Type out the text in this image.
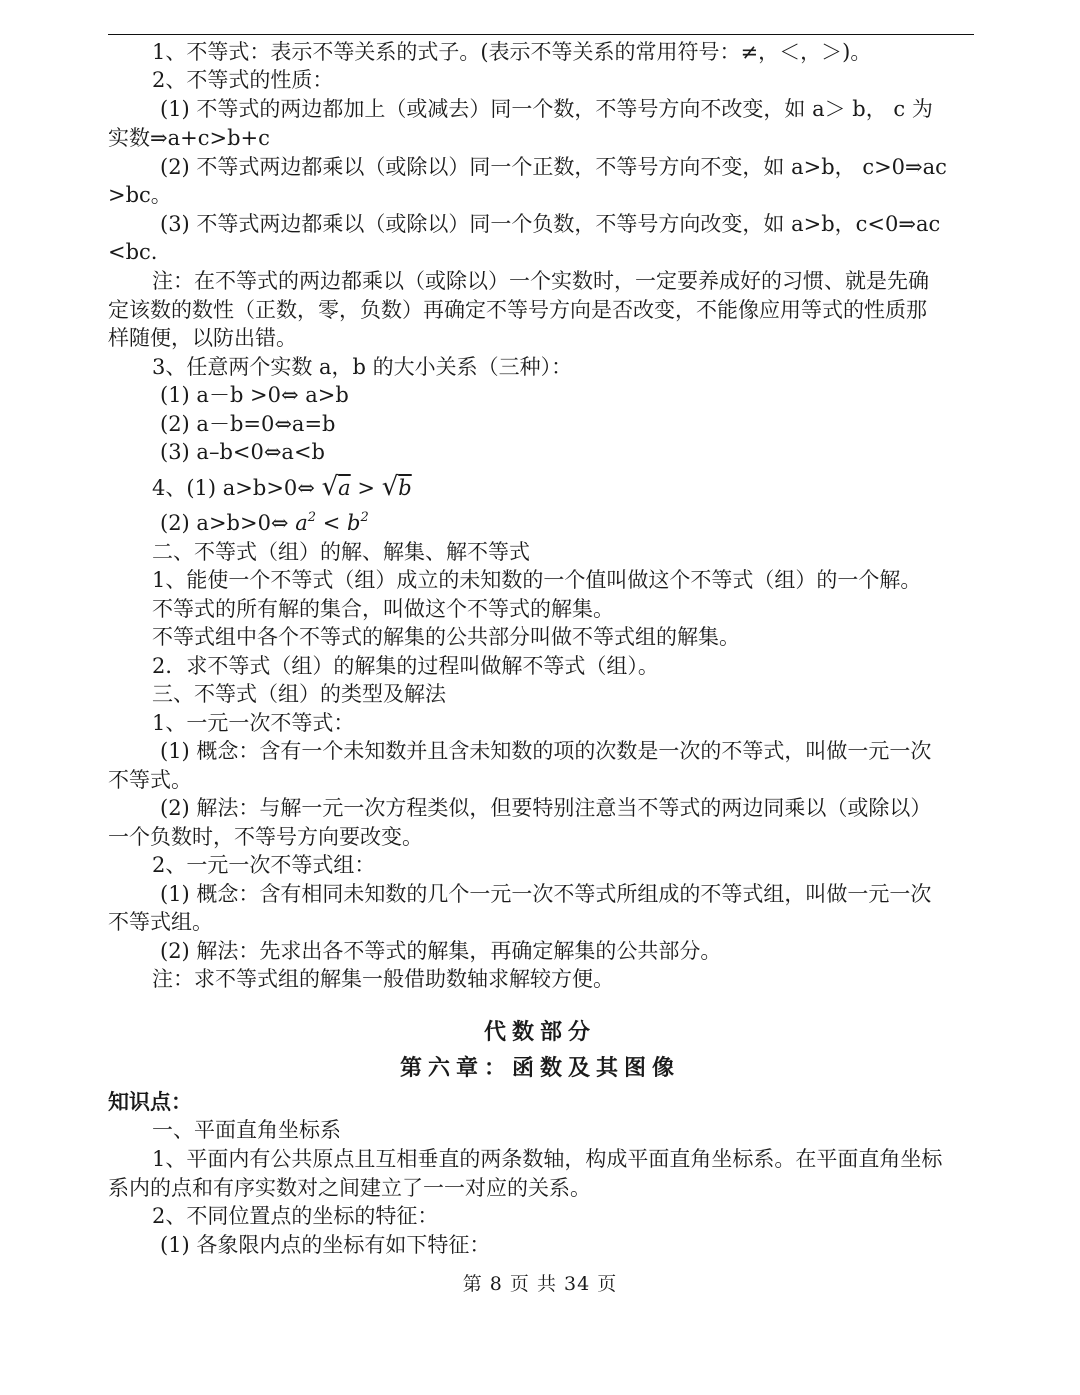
1、不等式：表示不等关系的式子。(表示不等关系的常用符号：≠，＜，＞)。
2、不等式的性质：
(1) 不等式的两边都加上（或减去）同一个数，不等号方向不改变，如 a＞ b， c 为
实数⇒a+c>b+c
(2) 不等式两边都乘以（或除以）同一个正数，不等号方向不变，如 a>b， c>0⇒ac
>bc。
(3) 不等式两边都乘以（或除以）同一个负数，不等号方向改变，如 a>b，c<0⇒ac
<bc.
注：在不等式的两边都乘以（或除以）一个实数时，一定要养成好的习惯、就是先确
定该数的数性（正数，零，负数）再确定不等号方向是否改变，不能像应用等式的性质那
样随便，以防出错。
3、任意两个实数 a，b 的大小关系（三种）：
(1) a－b >0⇔ a>b
(2) a－b=0⇔a=b
(3) a–b<0⇔a<b
4、(1) a>b>0⇔ √a > √b
(2) a>b>0⇔ $a^2 < b^2$
二、不等式（组）的解、解集、解不等式
1、能使一个不等式（组）成立的未知数的一个值叫做这个不等式（组）的一个解。
不等式的所有解的集合，叫做这个不等式的解集。
不等式组中各个不等式的解集的公共部分叫做不等式组的解集。
2．求不等式（组）的解集的过程叫做解不等式（组）。
三、不等式（组）的类型及解法
1、一元一次不等式：
(1) 概念：含有一个未知数并且含未知数的项的次数是一次的不等式，叫做一元一次
不等式。
(2) 解法：与解一元一次方程类似，但要特别注意当不等式的两边同乘以（或除以）
一个负数时，不等号方向要改变。
2、一元一次不等式组：
(1) 概念：含有相同未知数的几个一元一次不等式所组成的不等式组，叫做一元一次
不等式组。
(2) 解法：先求出各不等式的解集，再确定解集的公共部分。
注：求不等式组的解集一般借助数轴求解较方便。
代数部分
第六章：函数及其图像
知识点：
一、平面直角坐标系
1、平面内有公共原点且互相垂直的两条数轴，构成平面直角坐标系。在平面直角坐标
系内的点和有序实数对之间建立了一一对应的关系。
2、不同位置点的坐标的特征：
(1) 各象限内点的坐标有如下特征：
第 8 页 共 34 页
